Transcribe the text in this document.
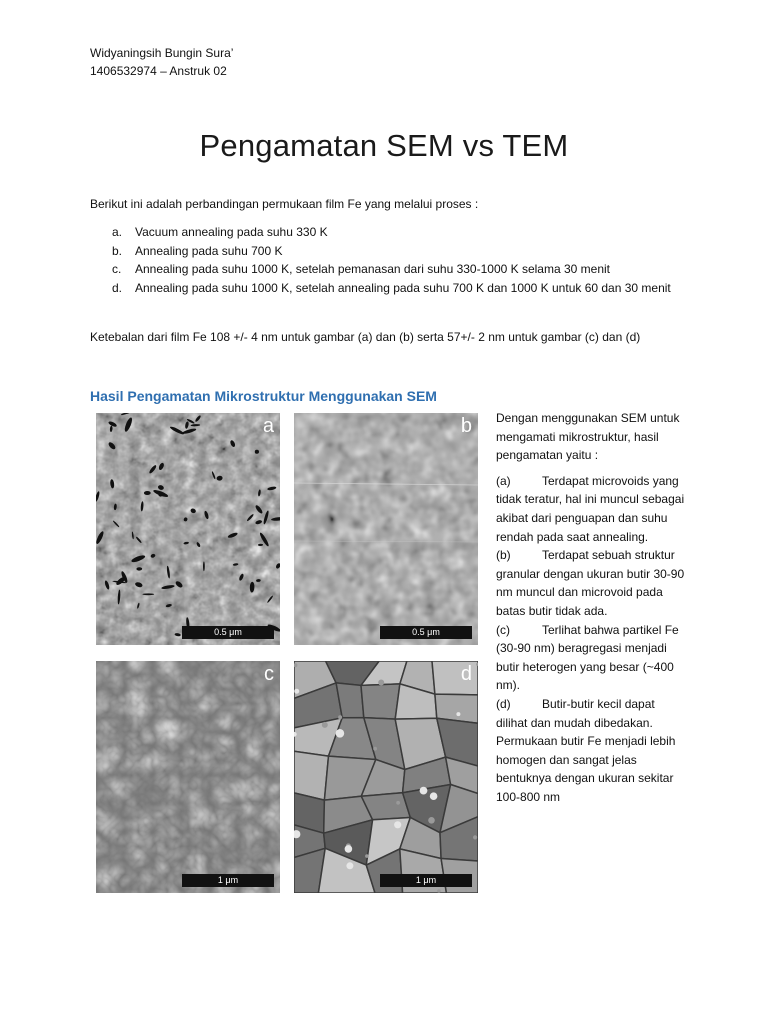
Widyaningsih Bungin Sura’
1406532974 – Anstruk 02
Pengamatan SEM vs TEM

Berikut ini adalah perbandingan permukaan film Fe yang melalui proses :

a.	Vacuum annealing pada suhu 330 K
b.	Annealing pada suhu 700 K
c.	Annealing pada suhu 1000 K, setelah pemanasan dari suhu 330-1000 K selama 30 menit
d.	Annealing pada suhu 1000 K, setelah annealing pada suhu 700 K dan 1000 K untuk 60 dan 30 menit

Ketebalan dari film Fe 108 +/- 4 nm untuk gambar (a) dan (b) serta 57+/- 2 nm untuk gambar (c) dan (d)

Hasil Pengamatan Mikrostruktur Menggunakan SEM
a
0.5 μm
b
0.5 μm
c
1 μm
d
1 μm

Dengan menggunakan SEM untuk mengamati mikrostruktur, hasil pengamatan yaitu :

(a)	Terdapat microvoids yang tidak teratur, hal ini muncul sebagai akibat dari penguapan dan suhu rendah pada saat annealing.

(b)	Terdapat sebuah struktur granular dengan ukuran butir 30-90 nm muncul dan microvoid pada batas butir tidak ada.

(c)	Terlihat bahwa partikel Fe (30-90 nm) beragregasi menjadi butir heterogen yang besar (~400 nm).

(d)	Butir-butir kecil dapat dilihat dan mudah dibedakan. Permukaan butir Fe menjadi lebih homogen dan sangat jelas bentuknya dengan ukuran sekitar 100-800 nm
